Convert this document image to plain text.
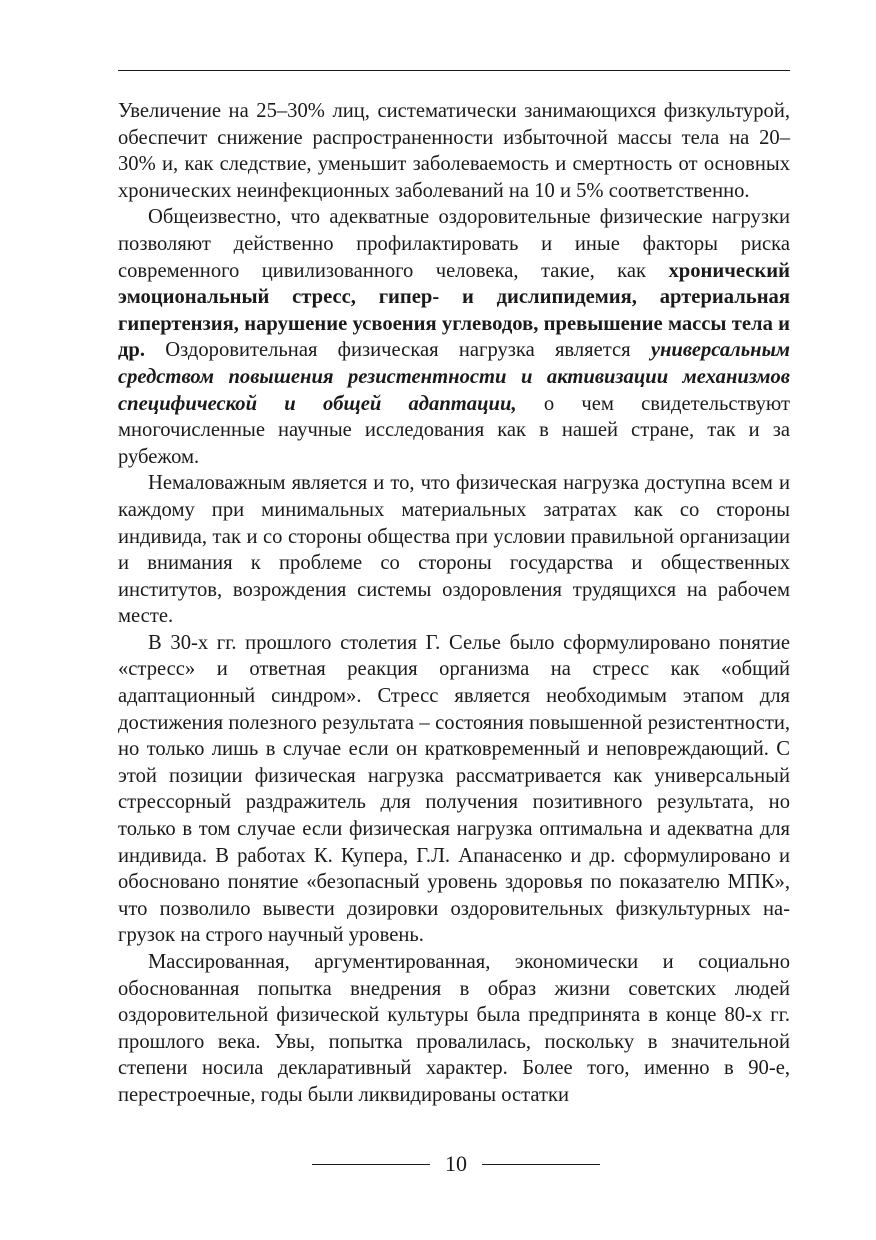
Увеличение на 25–30% лиц, систематически занимающихся физкультурой, обеспечит снижение распространенности избыточной массы тела на 20–30% и, как следствие, уменьшит заболеваемость и смертность от основных хронических неинфекционных заболеваний на 10 и 5% соответственно.

Общеизвестно, что адекватные оздоровительные физические нагрузки позволяют действенно профилактировать и иные факторы риска современного цивилизованного человека, такие, как хронический эмоциональный стресс, гипер- и дислипидемия, артериальная гипертензия, нарушение усвоения углеводов, превышение массы тела и др. Оздоровительная физическая нагрузка является универсальным средством повышения резистентности и активизации механизмов специфической и общей адаптации, о чем свидетельствуют многочисленные научные исследования как в нашей стране, так и за рубежом.

Немаловажным является и то, что физическая нагрузка доступна всем и каждому при минимальных материальных затратах как со стороны индивида, так и со стороны общества при условии правильной организации и внимания к проблеме со стороны государства и общественных институтов, возрождения системы оздоровления трудящихся на рабочем месте.

В 30-х гг. прошлого столетия Г. Селье было сформулировано понятие «стресс» и ответная реакция организма на стресс как «общий адаптационный синдром». Стресс является необходимым этапом для достижения полезного результата – состояния повышенной резистентности, но только лишь в случае если он кратковременный и неповреждающий. С этой позиции физическая нагрузка рассматривается как универсальный стрессорный раздражитель для получения позитивного результата, но только в том случае если физическая нагрузка оптимальна и адекватна для индивида. В работах К. Купера, Г.Л. Апанасенко и др. сформулировано и обосновано понятие «безопасный уровень здоровья по показателю МПК», что позволило вывести дозировки оздоровительных физкультурных нагрузок на строго научный уровень.

Массированная, аргументированная, экономически и социально обоснованная попытка внедрения в образ жизни советских людей оздоровительной физической культуры была предпринята в конце 80-х гг. прошлого века. Увы, попытка провалилась, поскольку в значительной степени носила декларативный характер. Более того, именно в 90-е, перестроечные, годы были ликвидированы остатки

10
